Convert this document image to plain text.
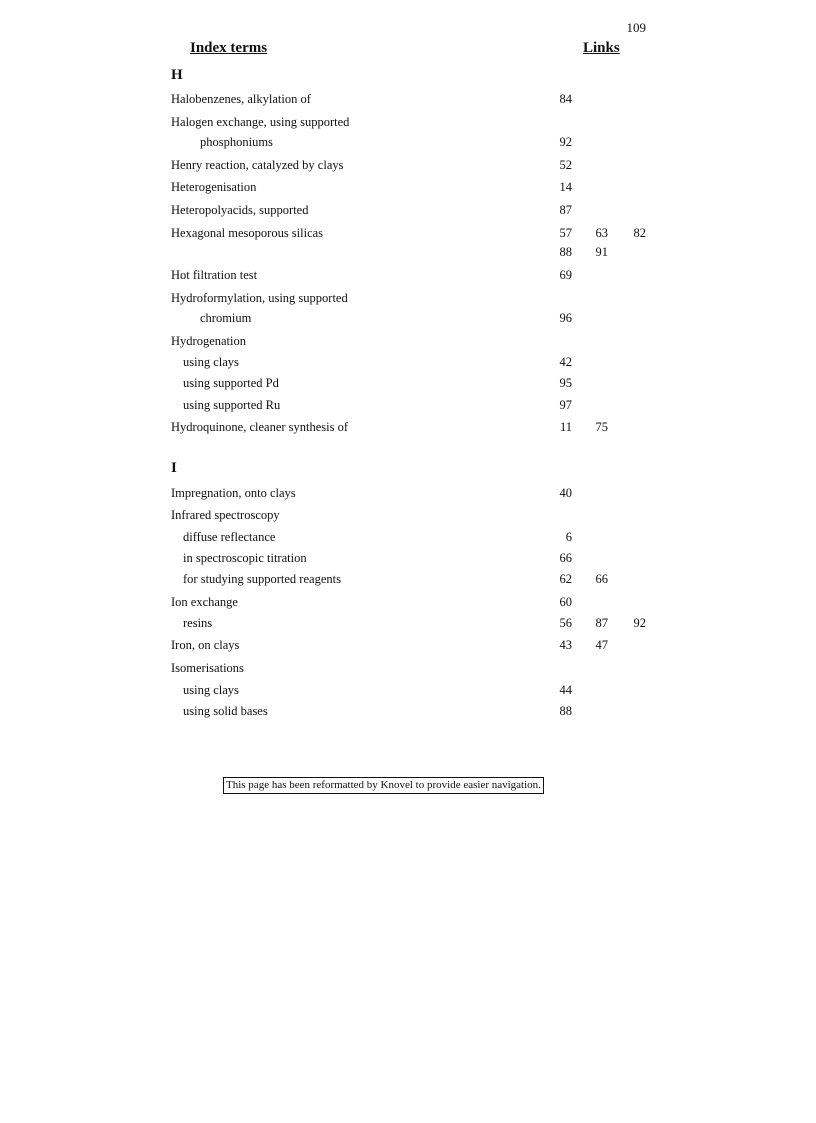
109
Index terms	Links
H
Halobenzenes, alkylation of	84
Halogen exchange, using supported
phosphoniums	92
Henry reaction, catalyzed by clays	52
Heterogenisation	14
Heteropolyacids, supported	87
Hexagonal mesoporous silicas	57	63	82
88	91
Hot filtration test	69
Hydroformylation, using supported
chromium	96
Hydrogenation
using clays	42
using supported Pd	95
using supported Ru	97
Hydroquinone, cleaner synthesis of	11	75
I
Impregnation, onto clays	40
Infrared spectroscopy
diffuse reflectance	6
in spectroscopic titration	66
for studying supported reagents	62	66
Ion exchange	60
resins	56	87	92
Iron, on clays	43	47
Isomerisations
using clays	44
using solid bases	88
This page has been reformatted by Knovel to provide easier navigation.
